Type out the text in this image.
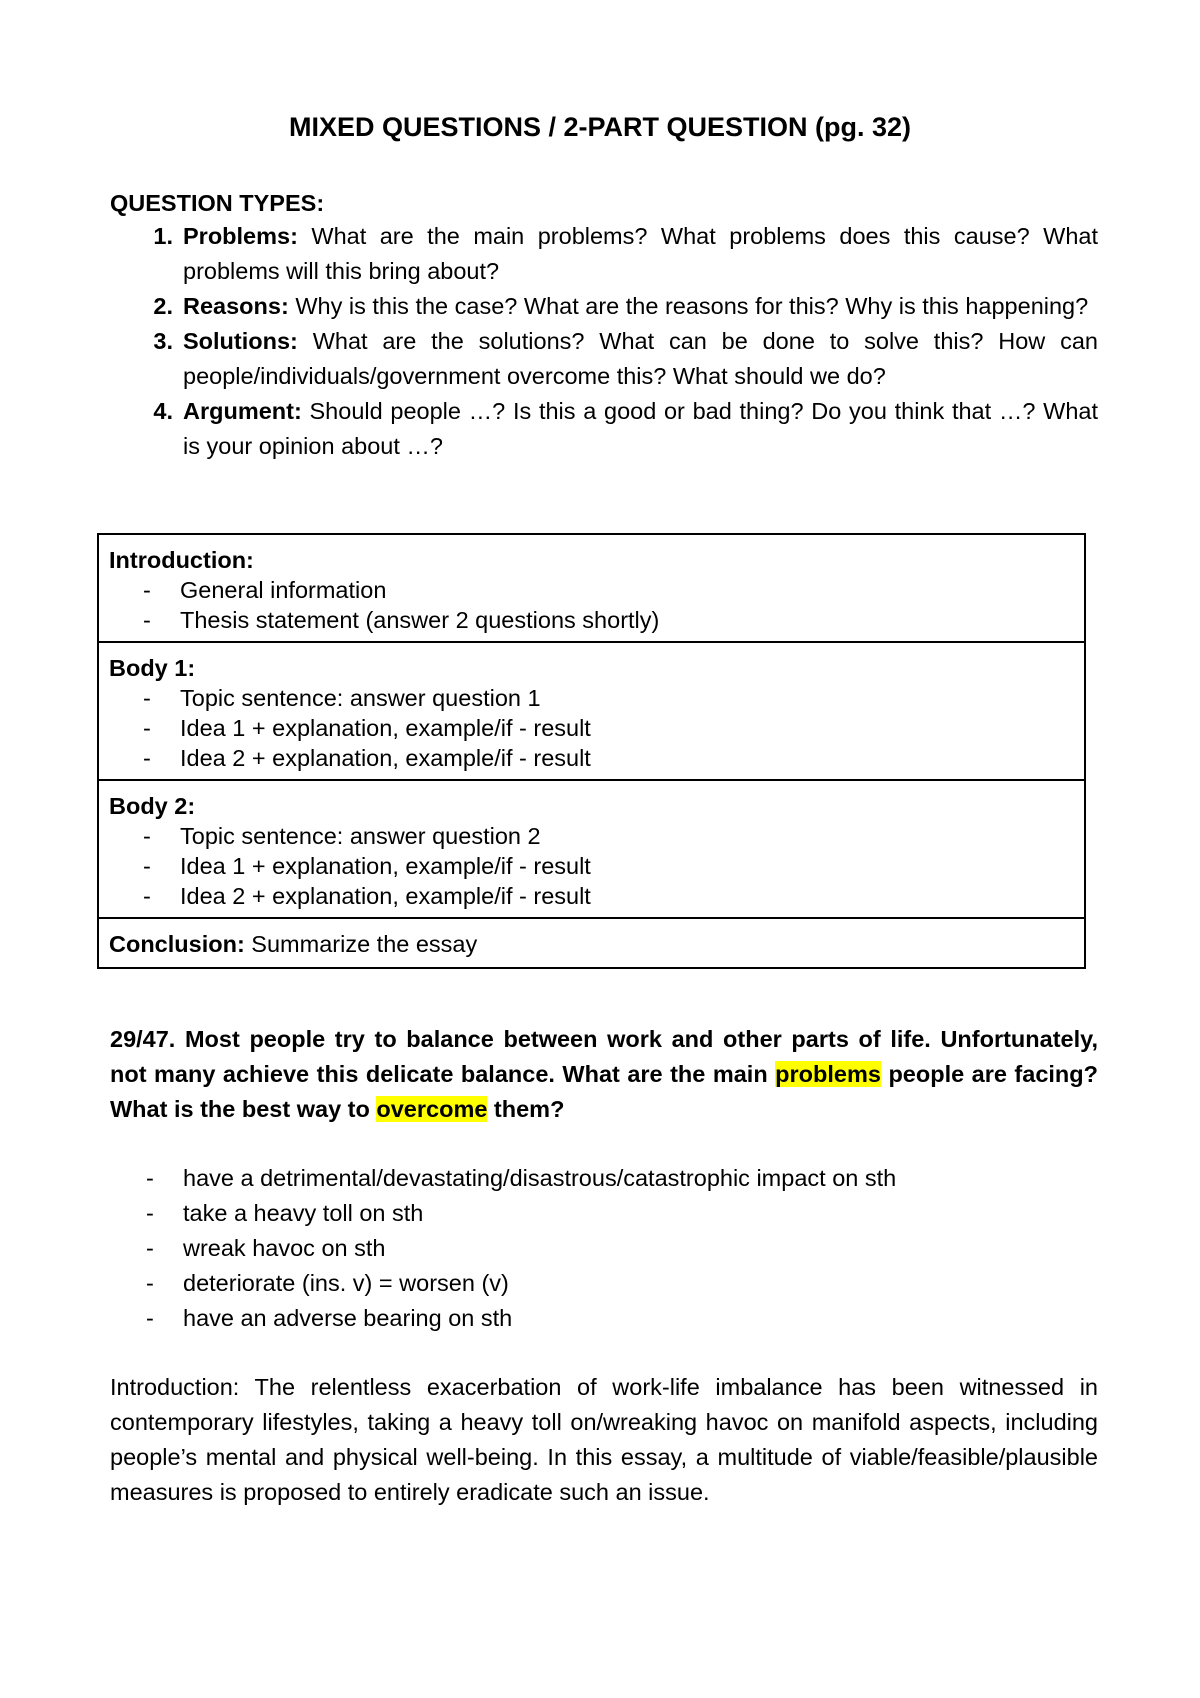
MIXED QUESTIONS / 2-PART QUESTION (pg. 32)
QUESTION TYPES:
1. Problems: What are the main problems? What problems does this cause? What problems will this bring about?
2. Reasons: Why is this the case? What are the reasons for this? Why is this happening?
3. Solutions: What are the solutions? What can be done to solve this? How can people/individuals/government overcome this? What should we do?
4. Argument: Should people …? Is this a good or bad thing? Do you think that …? What is your opinion about …?
Introduction:
-	General information
-	Thesis statement (answer 2 questions shortly)
Body 1:
-	Topic sentence: answer question 1
-	Idea 1 + explanation, example/if - result
-	Idea 2 + explanation, example/if - result
Body 2:
-	Topic sentence: answer question 2
-	Idea 1 + explanation, example/if - result
-	Idea 2 + explanation, example/if - result
Conclusion: Summarize the essay
29/47. Most people try to balance between work and other parts of life. Unfortunately, not many achieve this delicate balance. What are the main problems people are facing? What is the best way to overcome them?
-	have a detrimental/devastating/disastrous/catastrophic impact on sth
-	take a heavy toll on sth
-	wreak havoc on sth
-	deteriorate (ins. v) = worsen (v)
-	have an adverse bearing on sth
Introduction: The relentless exacerbation of work-life imbalance has been witnessed in contemporary lifestyles, taking a heavy toll on/wreaking havoc on manifold aspects, including people’s mental and physical well-being. In this essay, a multitude of viable/feasible/plausible measures is proposed to entirely eradicate such an issue.
